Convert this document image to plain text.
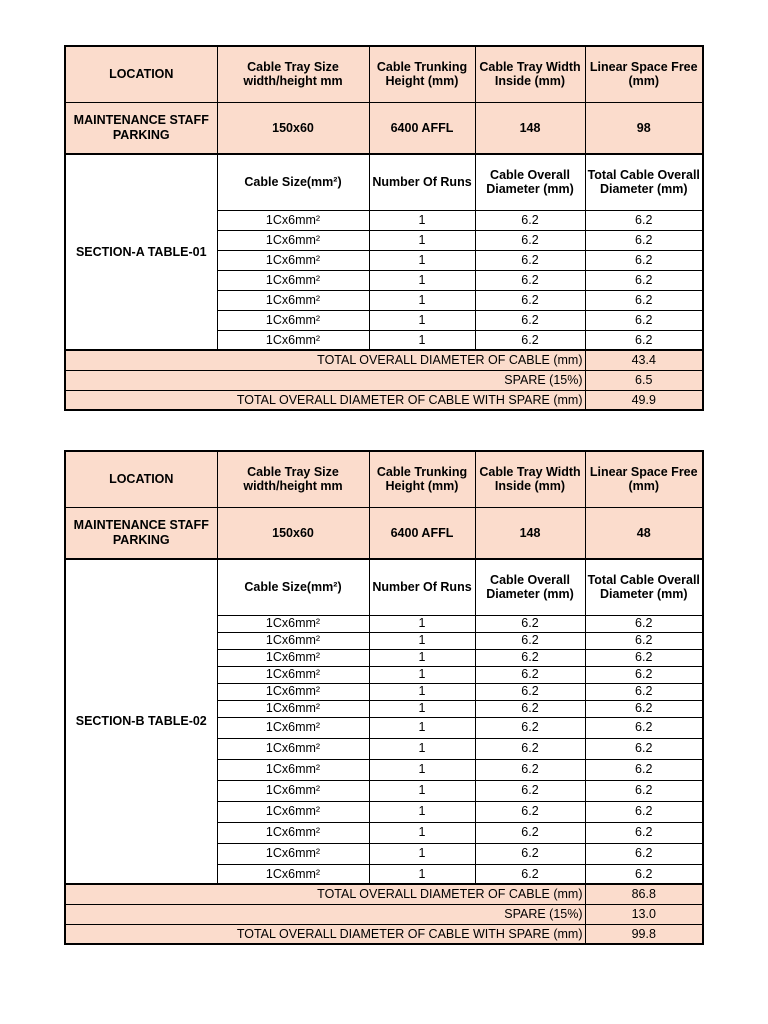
LOCATION	Cable Tray Size width/height mm	Cable Trunking Height (mm)	Cable Tray Width Inside (mm)	Linear Space Free (mm)
MAINTENANCE STAFF PARKING	150x60	6400 AFFL	148	98
SECTION-A TABLE-01	Cable Size(mm²)	Number Of Runs	Cable Overall Diameter (mm)	Total Cable Overall Diameter (mm)
	1Cx6mm²	1	6.2	6.2
	1Cx6mm²	1	6.2	6.2
	1Cx6mm²	1	6.2	6.2
	1Cx6mm²	1	6.2	6.2
	1Cx6mm²	1	6.2	6.2
	1Cx6mm²	1	6.2	6.2
	1Cx6mm²	1	6.2	6.2
TOTAL OVERALL DIAMETER OF CABLE (mm)				43.4
SPARE (15%)				6.5
TOTAL OVERALL DIAMETER OF CABLE WITH SPARE (mm)				49.9
LOCATION	Cable Tray Size width/height mm	Cable Trunking Height (mm)	Cable Tray Width Inside (mm)	Linear Space Free (mm)
MAINTENANCE STAFF PARKING	150x60	6400 AFFL	148	48
SECTION-B TABLE-02	Cable Size(mm²)	Number Of Runs	Cable Overall Diameter (mm)	Total Cable Overall Diameter (mm)
	1Cx6mm²	1	6.2	6.2
	1Cx6mm²	1	6.2	6.2
	1Cx6mm²	1	6.2	6.2
	1Cx6mm²	1	6.2	6.2
	1Cx6mm²	1	6.2	6.2
	1Cx6mm²	1	6.2	6.2
	1Cx6mm²	1	6.2	6.2
	1Cx6mm²	1	6.2	6.2
	1Cx6mm²	1	6.2	6.2
	1Cx6mm²	1	6.2	6.2
	1Cx6mm²	1	6.2	6.2
	1Cx6mm²	1	6.2	6.2
	1Cx6mm²	1	6.2	6.2
	1Cx6mm²	1	6.2	6.2
TOTAL OVERALL DIAMETER OF CABLE (mm)				86.8
SPARE (15%)				13.0
TOTAL OVERALL DIAMETER OF CABLE WITH SPARE (mm)				99.8
